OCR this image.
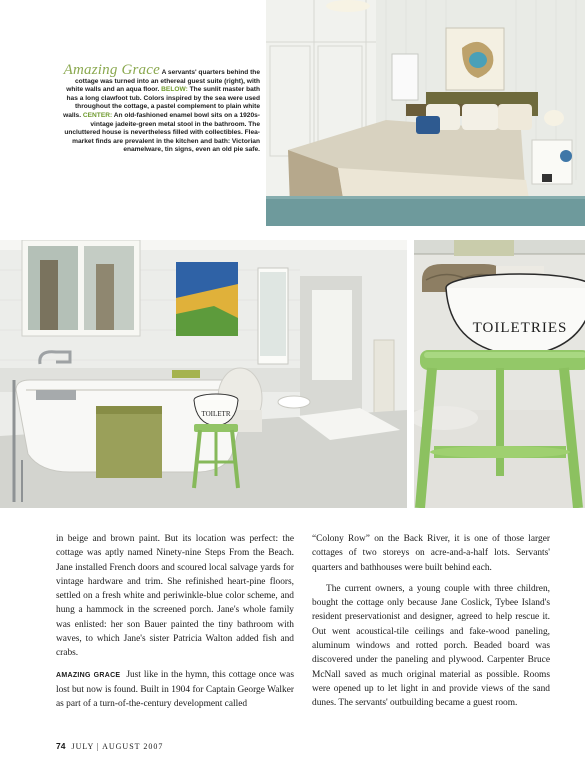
Amazing Grace A servants' quarters behind the cottage was turned into an ethereal guest suite (right), with white walls and an aqua floor. BELOW: The sunlit master bath has a long clawfoot tub. Colors inspired by the sea were used throughout the cottage, a pastel complement to plain white walls. CENTER: An old-fashioned enamel bowl sits on a 1920s-vintage jadeite-green metal stool in the bathroom. The uncluttered house is nevertheless filled with collectibles. Flea-market finds are prevalent in the kitchen and bath: Victorian enamelware, tin signs, even an old pie safe.
TOILETR
TOILETRIES

in beige and brown paint. But its location was perfect: the cottage was aptly named Ninety-nine Steps From the Beach. Jane installed French doors and scoured local salvage yards for vintage hardware and trim. She refinished heart-pine floors, settled on a fresh white and periwinkle-blue color scheme, and hung a hammock in the screened porch. Jane's whole family was enlisted: her son Bauer painted the tiny bathroom with waves, to which Jane's sister Patricia Walton added fish and crabs.

AMAZING GRACE Just like in the hymn, this cottage once was lost but now is found. Built in 1904 for Captain George Walker as part of a turn-of-the-century development called

“Colony Row” on the Back River, it is one of those larger cottages of two storeys on acre-and-a-half lots. Servants' quarters and bathhouses were built behind each.

The current owners, a young couple with three children, bought the cottage only because Jane Coslick, Tybee Island's resident preservationist and designer, agreed to help rescue it. Out went acoustical-tile ceilings and fake-wood paneling, aluminum windows and rotted porch. Beaded board was discovered under the paneling and plywood. Carpenter Bruce McNall saved as much original material as possible. Rooms were opened up to let light in and provide views of the sand dunes. The servants' outbuilding became a guest room.

74 JULY | AUGUST 2007
